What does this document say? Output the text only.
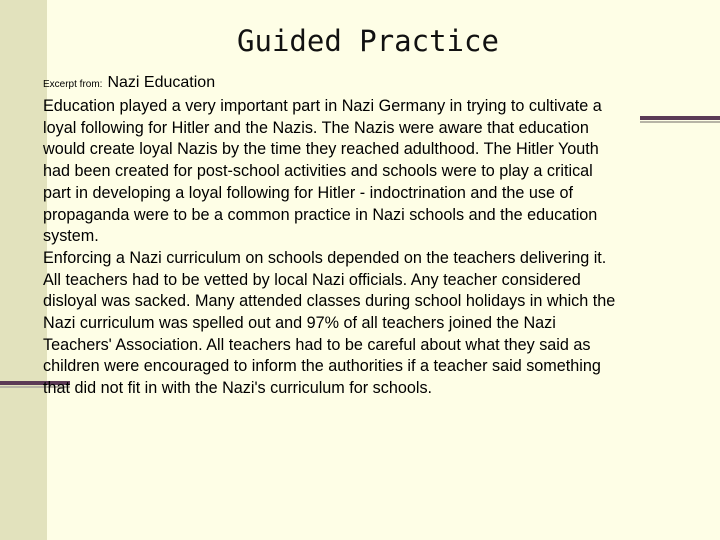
Guided Practice
Excerpt from: Nazi Education

Education played a very important part in Nazi Germany in trying to cultivate a
loyal following for Hitler and the Nazis. The Nazis were aware that education
would create loyal Nazis by the time they reached adulthood. The Hitler Youth
had been created for post-school activities and schools were to play a critical
part in developing a loyal following for Hitler - indoctrination and the use of
propaganda were to be a common practice in Nazi schools and the education
system.

Enforcing a Nazi curriculum on schools depended on the teachers delivering it.
All teachers had to be vetted by local Nazi officials. Any teacher considered
disloyal was sacked. Many attended classes during school holidays in which the
Nazi curriculum was spelled out and 97% of all teachers joined the Nazi
Teachers' Association. All teachers had to be careful about what they said as
children were encouraged to inform the authorities if a teacher said something
that did not fit in with the Nazi's curriculum for schools.
